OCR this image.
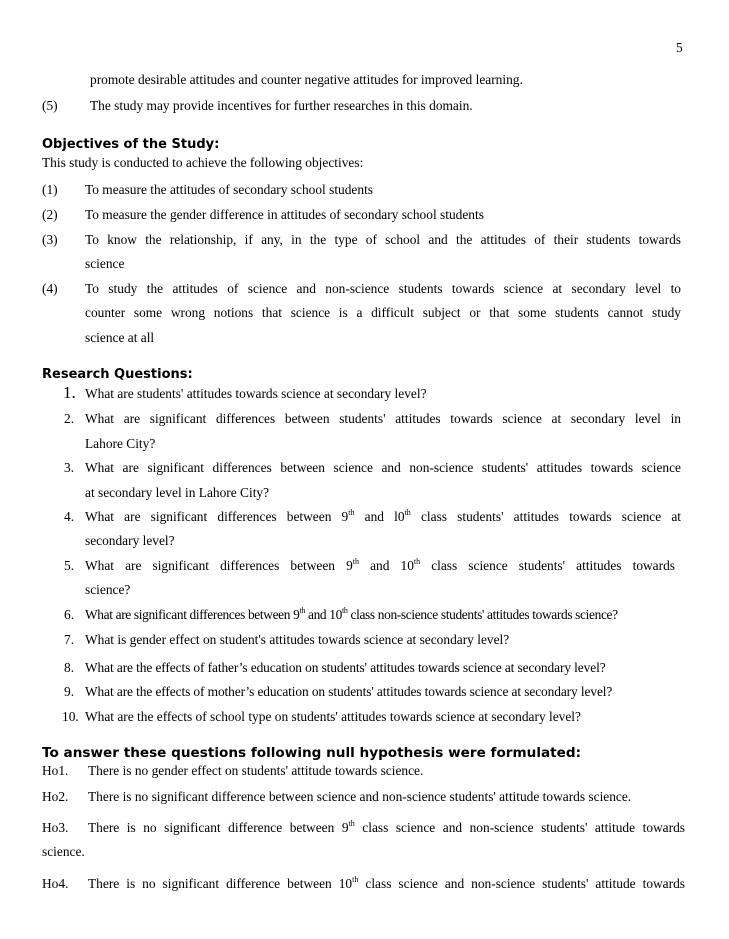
5
promote desirable attitudes and counter negative attitudes for improved learning.
(5) The study may provide incentives for further researches in this domain.
Objectives of the Study:
This study is conducted to achieve the following objectives:
(1) To measure the attitudes of secondary school students
(2) To measure the gender difference in attitudes of secondary school students
(3) To know the relationship, if any, in the type of school and the attitudes of their students towards
science
(4) To study the attitudes of science and non-science students towards science at secondary level to
counter some wrong notions that science is a difficult subject or that some students cannot study
science at all
Research Questions:
1. What are students' attitudes towards science at secondary level?
2. What are significant differences between students' attitudes towards science at secondary level in
Lahore City?
3. What are significant differences between science and non-science students' attitudes towards science
at secondary level in Lahore City?
4. What are significant differences between 9th and l0th class students' attitudes towards science at
secondary level?
5. What are significant differences between 9th and 10th class science students' attitudes towards
science?
6. What are significant differences between 9th and 10th class non-science students' attitudes towards science?
7. What is gender effect on student's attitudes towards science at secondary level?
8. What are the effects of father’s education on students' attitudes towards science at secondary level?
9. What are the effects of mother’s education on students' attitudes towards science at secondary level?
10. What are the effects of school type on students' attitudes towards science at secondary level?
To answer these questions following null hypothesis were formulated:
Ho1. There is no gender effect on students' attitude towards science.
Ho2. There is no significant difference between science and non-science students' attitude towards science.
Ho3. There is no significant difference between 9th class science and non-science students' attitude towards
science.
Ho4. There is no significant difference between 10th class science and non-science students' attitude towards
